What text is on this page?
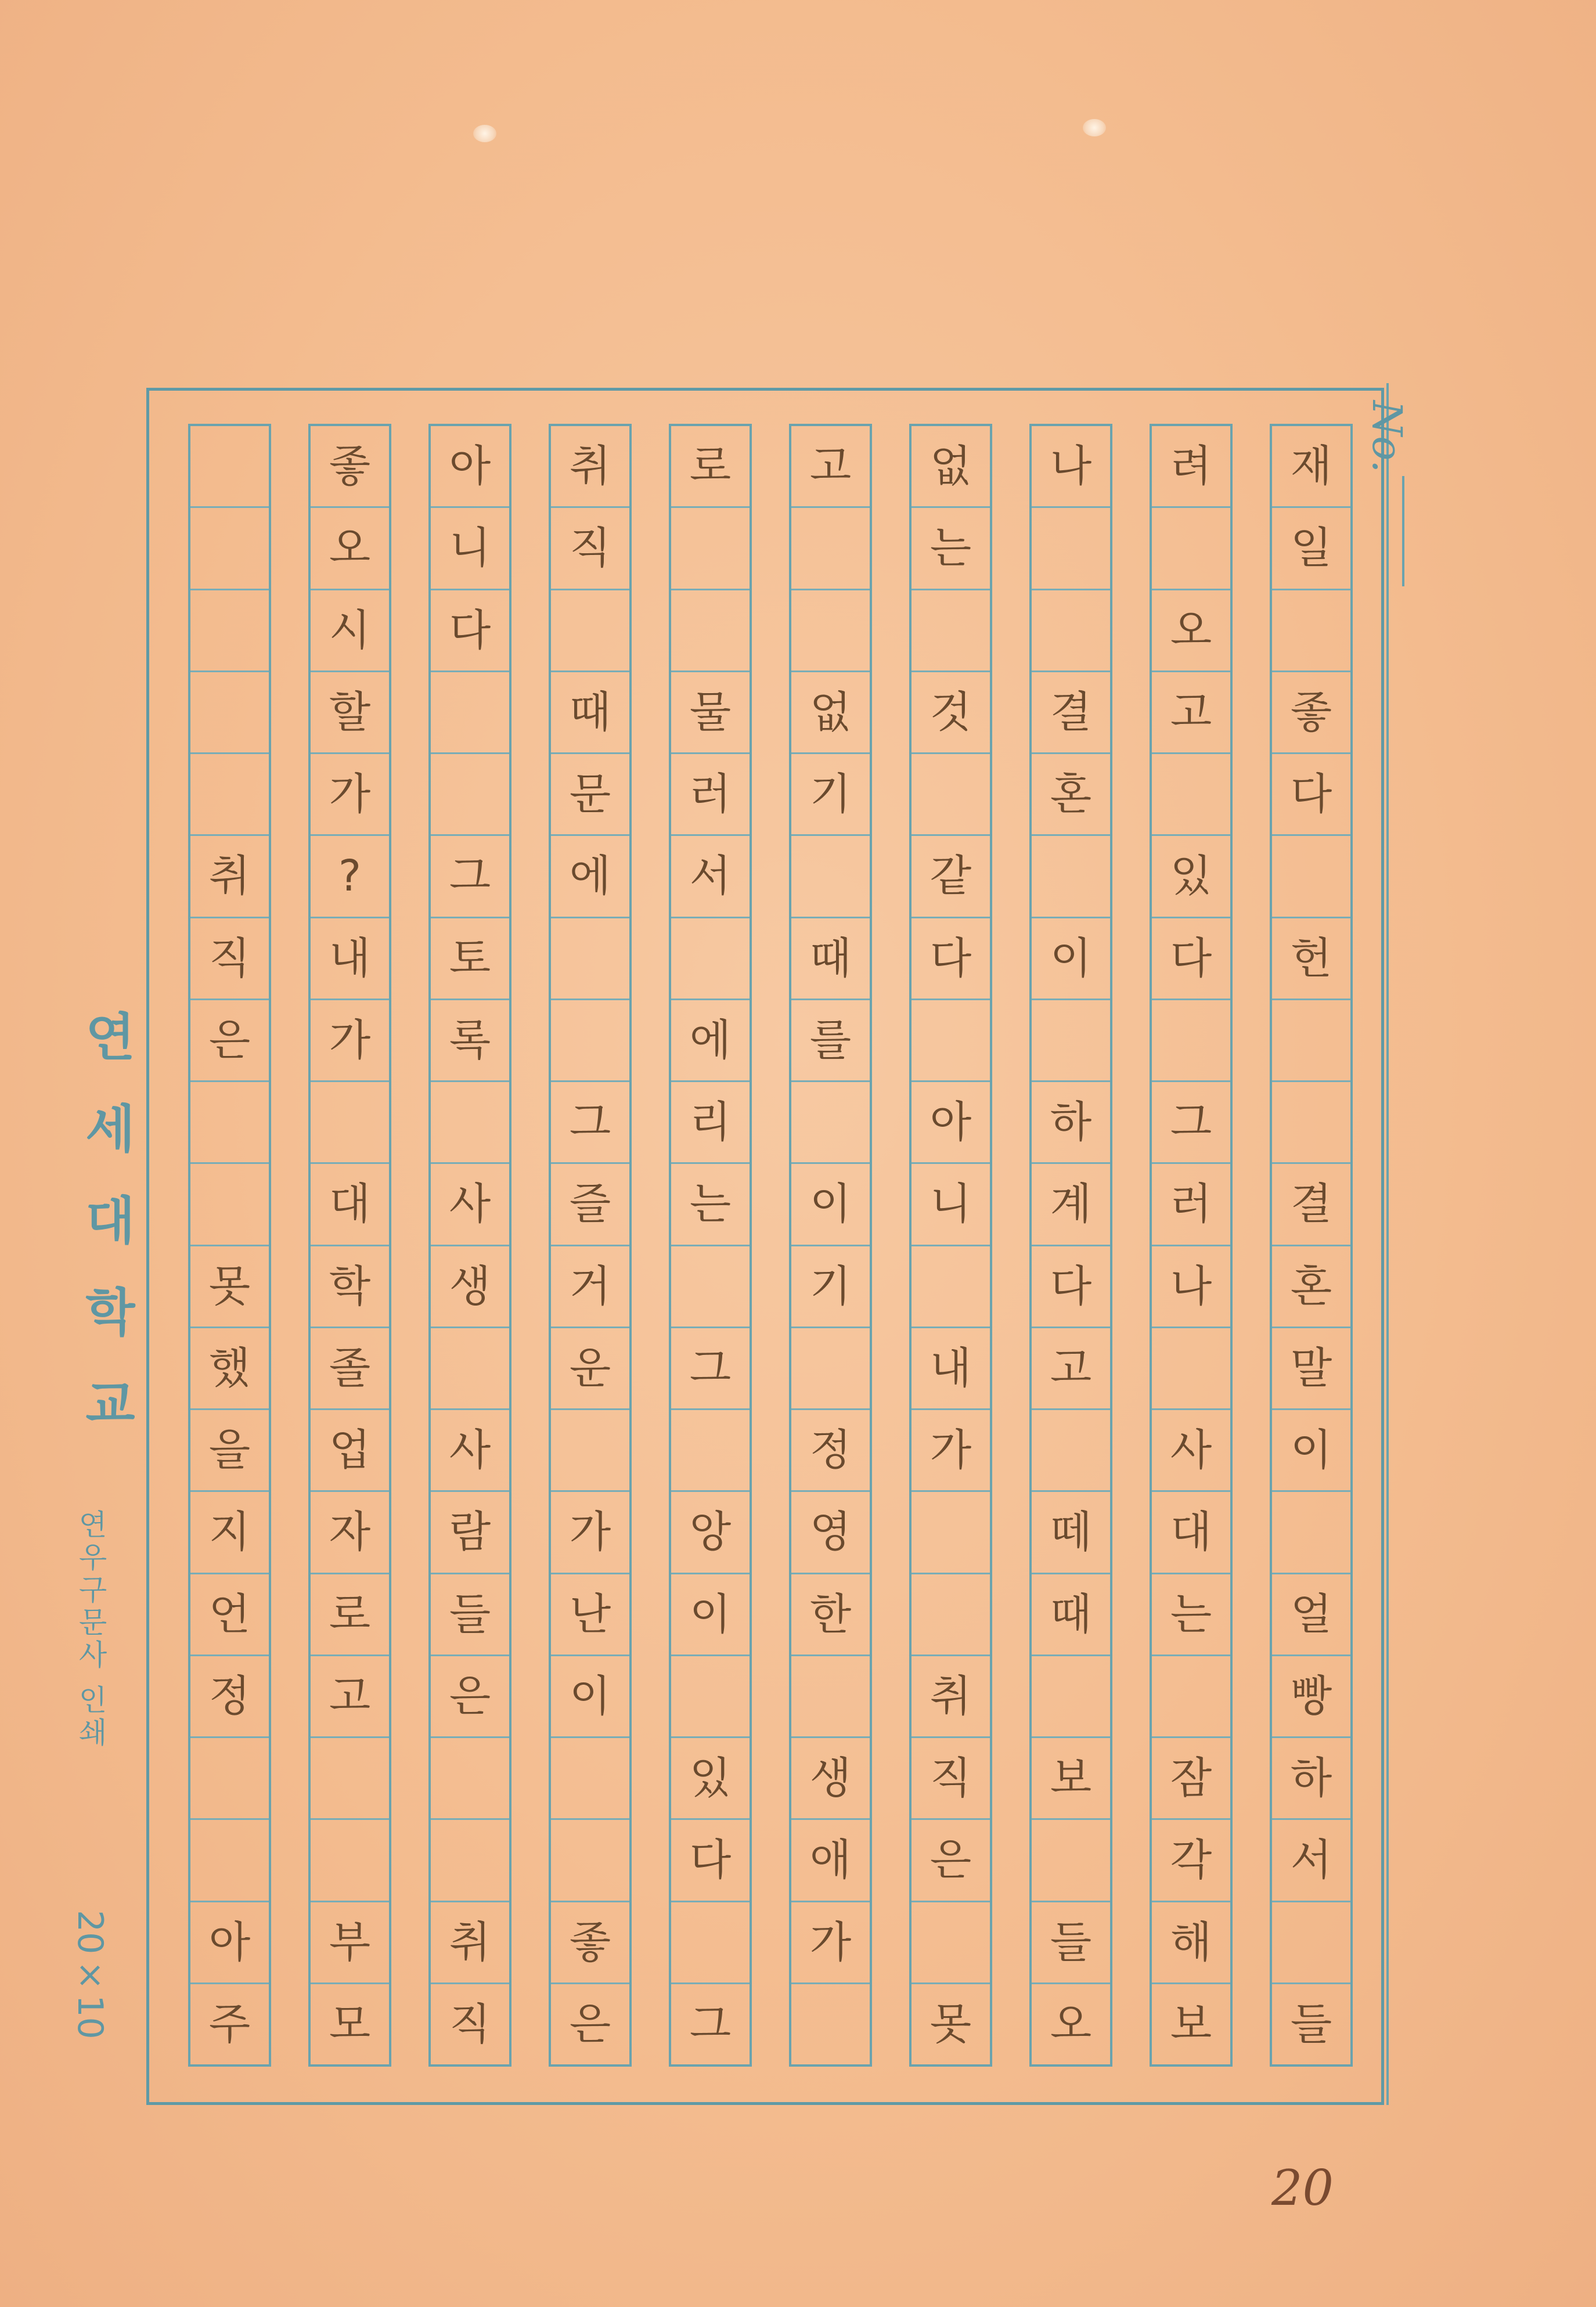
No.
재
일
좋
다
헌
결
혼
말
이
얼
빵
하
서
들
려
오
고
있
다
그
러
나
사
대
는
잠
각
해
보
나
결
혼
이
하
계
다
고
떼
때
보
들
오
없
는
것
같
다
아
니
내
가
취
직
은
못
고
없
기
때
를
이
기
정
영
한
생
애
가
로
물
러
서
에
리
는
그
앙
이
있
다
그
취
직
때
문
에
그
즐
거
운
가
난
이
좋
은
아
니
다
그
토
록
사
생
사
람
들
은
취
직
좋
오
시
할
가
?
내
가
대
학
졸
업
자
로
고
부
모
취
직
은
못
했
을
지
언
정
아
주
연세대학교
연우구문사 인쇄
20×10
20
